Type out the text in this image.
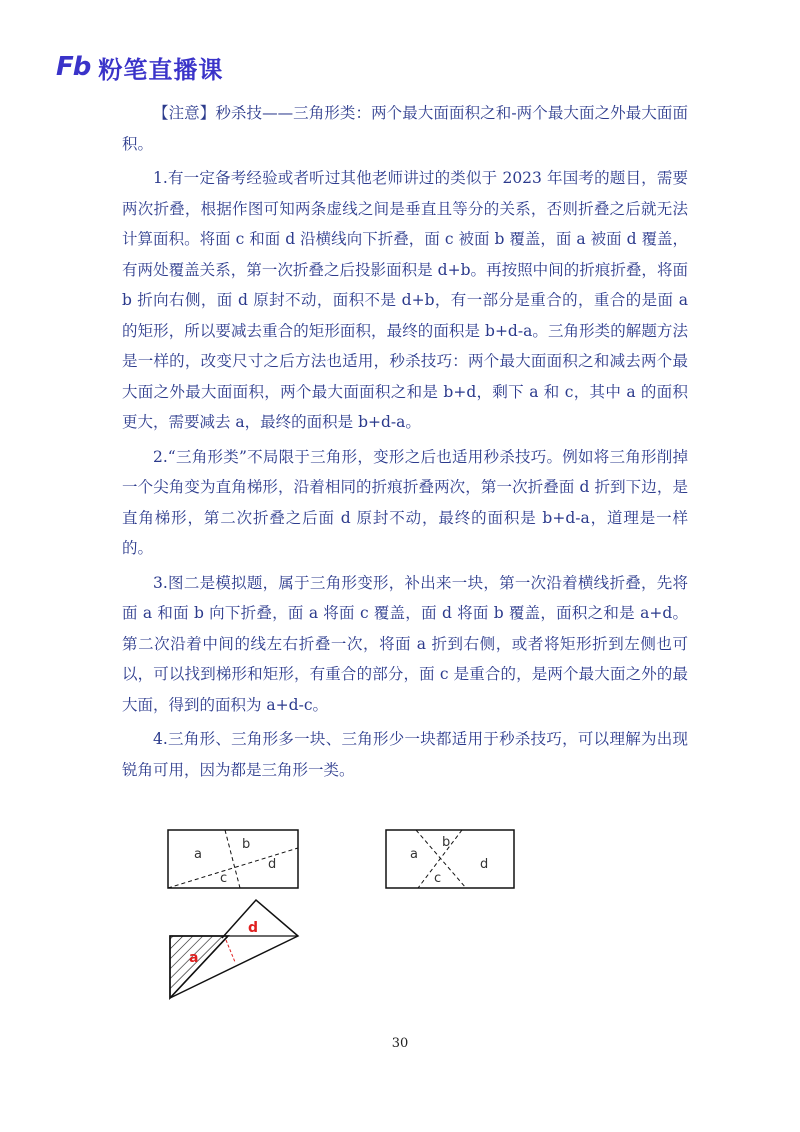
Fb 粉笔直播课

【注意】秒杀技——三角形类：两个最大面面积之和-两个最大面之外最大面面积。

1.有一定备考经验或者听过其他老师讲过的类似于 2023 年国考的题目，需要两次折叠，根据作图可知两条虚线之间是垂直且等分的关系，否则折叠之后就无法计算面积。将面 c 和面 d 沿横线向下折叠，面 c 被面 b 覆盖，面 a 被面 d 覆盖，有两处覆盖关系，第一次折叠之后投影面积是 d+b。再按照中间的折痕折叠，将面 b 折向右侧，面 d 原封不动，面积不是 d+b，有一部分是重合的，重合的是面 a 的矩形，所以要减去重合的矩形面积，最终的面积是 b+d-a。三角形类的解题方法是一样的，改变尺寸之后方法也适用，秒杀技巧：两个最大面面积之和减去两个最大面之外最大面面积，两个最大面面积之和是 b+d，剩下 a 和 c，其中 a 的面积更大，需要减去 a，最终的面积是 b+d-a。

2.“三角形类”不局限于三角形，变形之后也适用秒杀技巧。例如将三角形削掉一个尖角变为直角梯形，沿着相同的折痕折叠两次，第一次折叠面 d 折到下边，是直角梯形，第二次折叠之后面 d 原封不动，最终的面积是 b+d-a，道理是一样的。

3.图二是模拟题，属于三角形变形，补出来一块，第一次沿着横线折叠，先将面 a 和面 b 向下折叠，面 a 将面 c 覆盖，面 d 将面 b 覆盖，面积之和是 a+d。第二次沿着中间的线左右折叠一次，将面 a 折到右侧，或者将矩形折到左侧也可以，可以找到梯形和矩形，有重合的部分，面 c 是重合的，是两个最大面之外的最大面，得到的面积为 a+d-c。

4.三角形、三角形多一块、三角形少一块都适用于秒杀技巧，可以理解为出现锐角可用，因为都是三角形一类。

a
b
c
d
a
b
c
d
d
a
30
